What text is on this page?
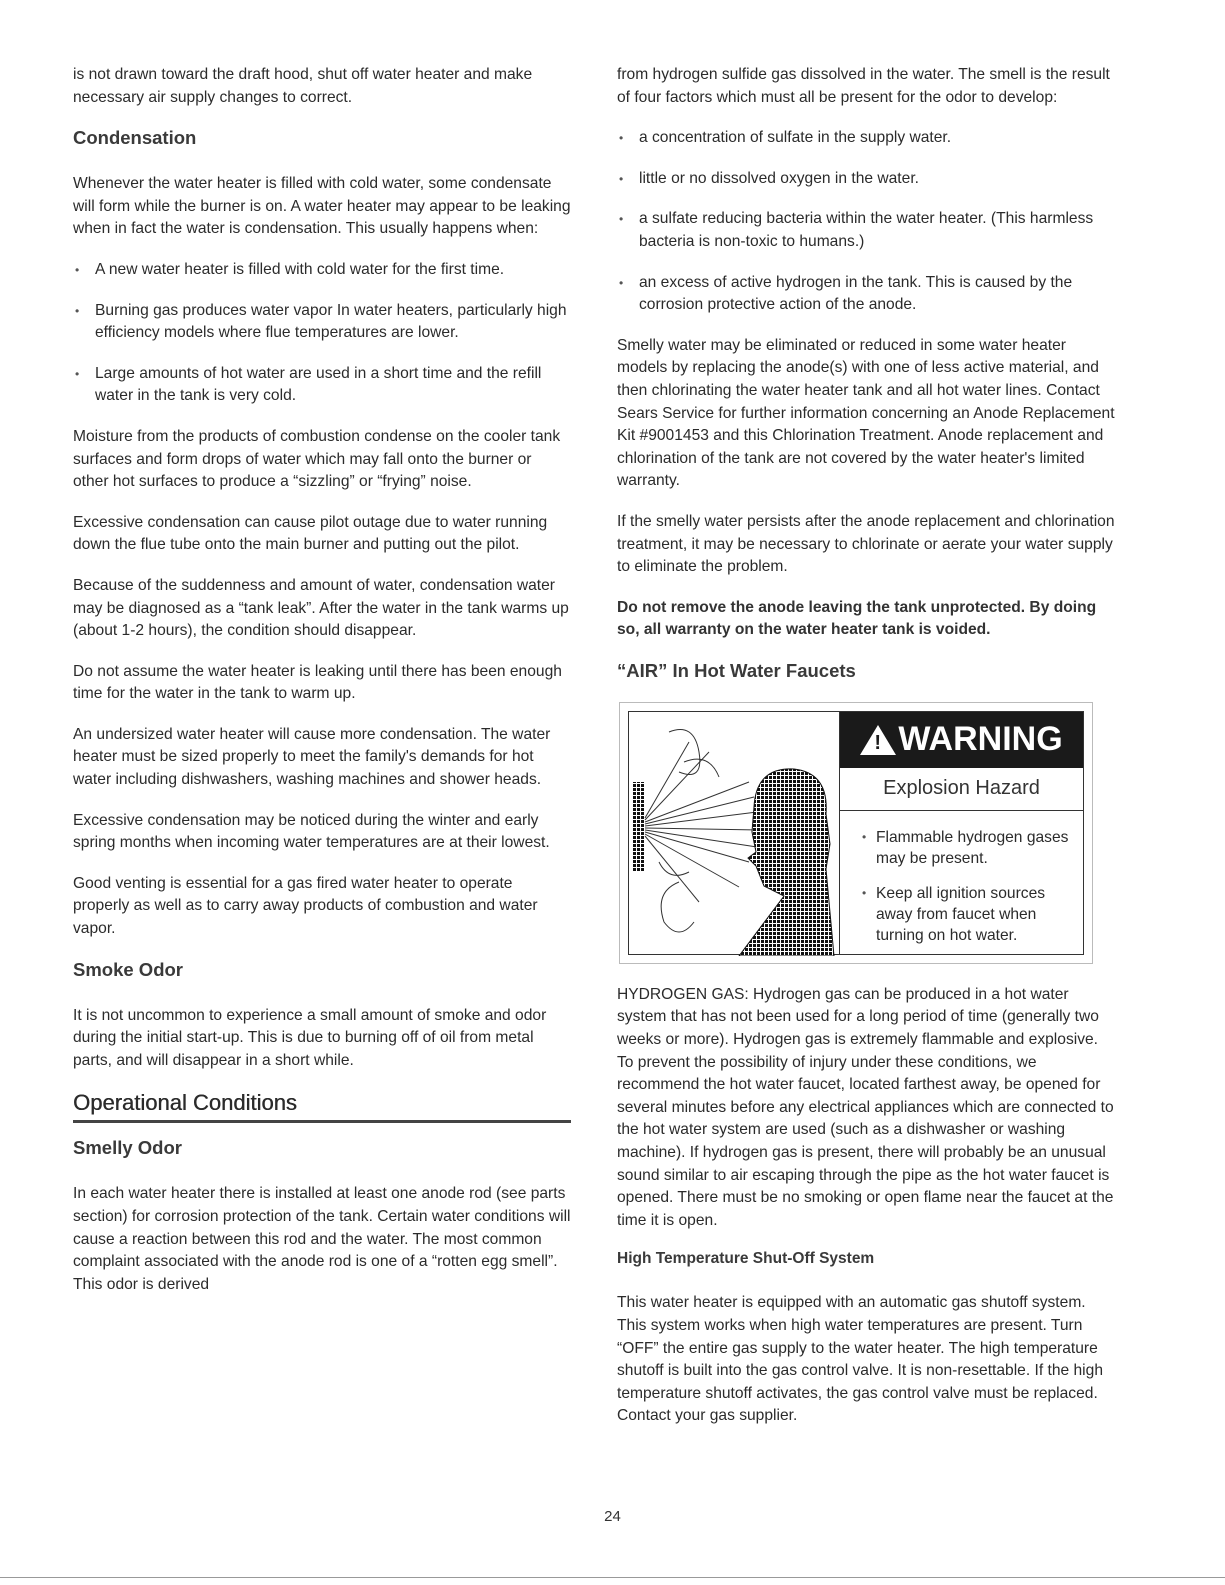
is not drawn toward the draft hood, shut off water heater and make necessary air supply changes to correct.

Condensation

Whenever the water heater is filled with cold water, some condensate will form while the burner is on. A water heater may appear to be leaking when in fact the water is condensation. This usually happens when:

• A new water heater is filled with cold water for the first time.
• Burning gas produces water vapor In water heaters, particularly high efficiency models where flue temperatures are lower.
• Large amounts of hot water are used in a short time and the refill water in the tank is very cold.

Moisture from the products of combustion condense on the cooler tank surfaces and form drops of water which may fall onto the burner or other hot surfaces to produce a “sizzling” or “frying” noise.

Excessive condensation can cause pilot outage due to water running down the flue tube onto the main burner and putting out the pilot.

Because of the suddenness and amount of water, condensation water may be diagnosed as a “tank leak”. After the water in the tank warms up (about 1-2 hours), the condition should disappear.

Do not assume the water heater is leaking until there has been enough time for the water in the tank to warm up.

An undersized water heater will cause more condensation. The water heater must be sized properly to meet the family's demands for hot water including dishwashers, washing machines and shower heads.

Excessive condensation may be noticed during the winter and early spring months when incoming water temperatures are at their lowest.

Good venting is essential for a gas fired water heater to operate properly as well as to carry away products of combustion and water vapor.

Smoke Odor

It is not uncommon to experience a small amount of smoke and odor during the initial start-up. This is due to burning off of oil from metal parts, and will disappear in a short while.

Operational Conditions
Smelly Odor

In each water heater there is installed at least one anode rod (see parts section) for corrosion protection of the tank. Certain water conditions will cause a reaction between this rod and the water. The most common complaint associated with the anode rod is one of a “rotten egg smell”. This odor is derived

from hydrogen sulfide gas dissolved in the water. The smell is the result of four factors which must all be present for the odor to develop:

• a concentration of sulfate in the supply water.
• little or no dissolved oxygen in the water.
• a sulfate reducing bacteria within the water heater. (This harmless bacteria is non-toxic to humans.)
• an excess of active hydrogen in the tank. This is caused by the corrosion protective action of the anode.

Smelly water may be eliminated or reduced in some water heater models by replacing the anode(s) with one of less active material, and then chlorinating the water heater tank and all hot water lines. Contact Sears Service for further information concerning an Anode Replacement Kit #9001453 and this Chlorination Treatment. Anode replacement and chlorination of the tank are not covered by the water heater's limited warranty.

If the smelly water persists after the anode replacement and chlorination treatment, it may be necessary to chlorinate or aerate your water supply to eliminate the problem.

Do not remove the anode leaving the tank unprotected. By doing so, all warranty on the water heater tank is voided.

“AIR” In Hot Water Faucets
! WARNING
Explosion Hazard
• Flammable hydrogen gases may be present.
• Keep all ignition sources away from faucet when turning on hot water.

HYDROGEN GAS: Hydrogen gas can be produced in a hot water system that has not been used for a long period of time (generally two weeks or more). Hydrogen gas is extremely flammable and explosive. To prevent the possibility of injury under these conditions, we recommend the hot water faucet, located farthest away, be opened for several minutes before any electrical appliances which are connected to the hot water system are used (such as a dishwasher or washing machine). If hydrogen gas is present, there will probably be an unusual sound similar to air escaping through the pipe as the hot water faucet is opened. There must be no smoking or open flame near the faucet at the time it is open.

High Temperature Shut-Off System

This water heater is equipped with an automatic gas shutoff system. This system works when high water temperatures are present. Turn “OFF” the entire gas supply to the water heater. The high temperature shutoff is built into the gas control valve. It is non-resettable. If the high temperature shutoff activates, the gas control valve must be replaced. Contact your gas supplier.

24
